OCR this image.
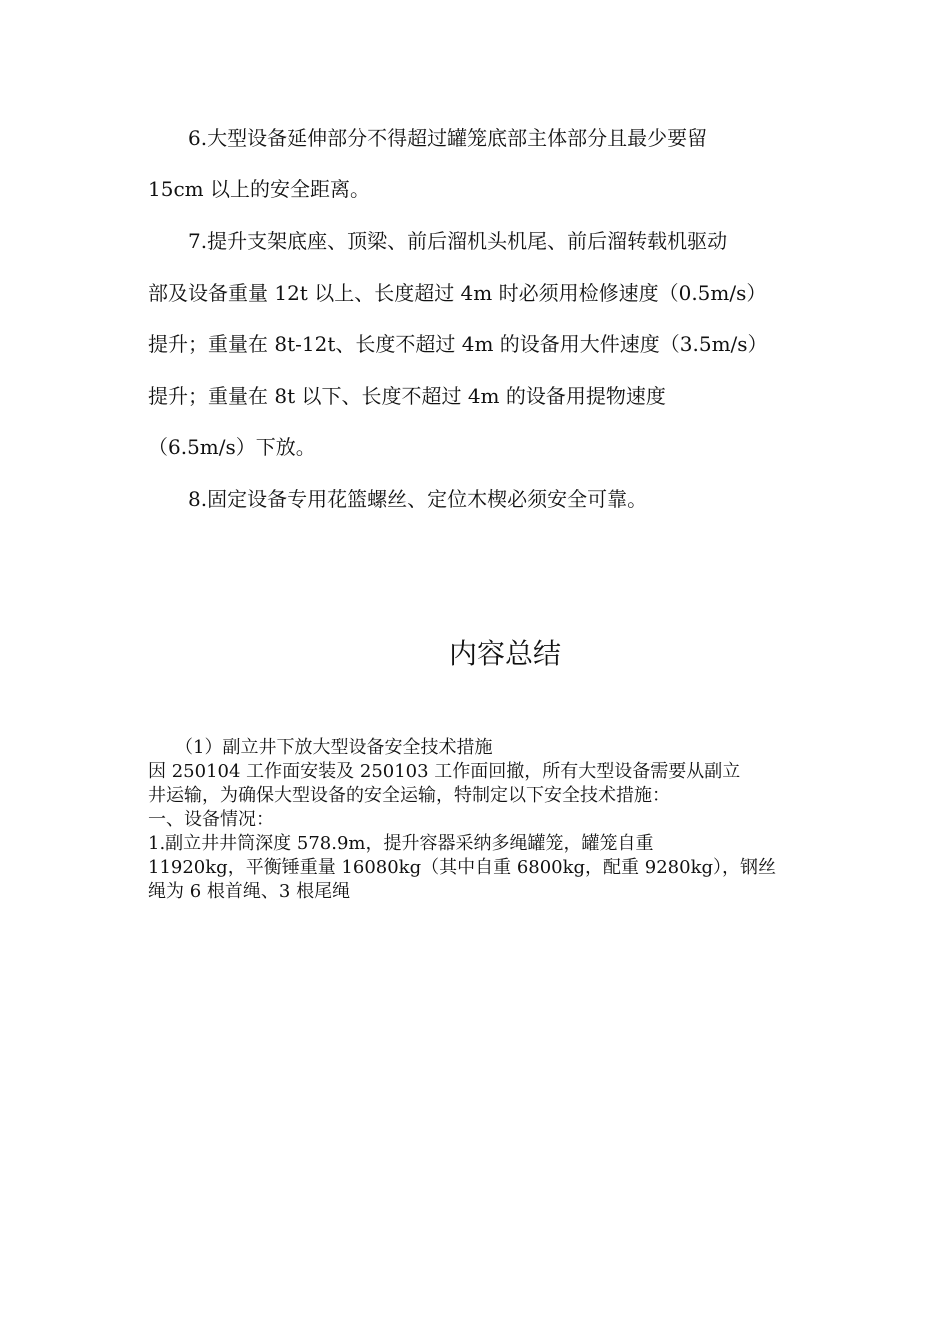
　　6.大型设备延伸部分不得超过罐笼底部主体部分且最少要留
15cm 以上的安全距离。
　　7.提升支架底座、顶梁、前后溜机头机尾、前后溜转载机驱动
部及设备重量 12t 以上、长度超过 4m 时必须用检修速度（0.5m/s）
提升；重量在 8t-12t、长度不超过 4m 的设备用大件速度（3.5m/s）
提升；重量在 8t 以下、长度不超过 4m 的设备用提物速度
（6.5m/s）下放。
　　8.固定设备专用花篮螺丝、定位木楔必须安全可靠。
内容总结
　　（1）副立井下放大型设备安全技术措施
因 250104 工作面安装及 250103 工作面回撤，所有大型设备需要从副立
井运输，为确保大型设备的安全运输，特制定以下安全技术措施：
一、设备情况：
1.副立井井筒深度 578.9m，提升容器采纳多绳罐笼，罐笼自重
11920kg，平衡锤重量 16080kg（其中自重 6800kg，配重 9280kg），钢丝
绳为 6 根首绳、3 根尾绳
